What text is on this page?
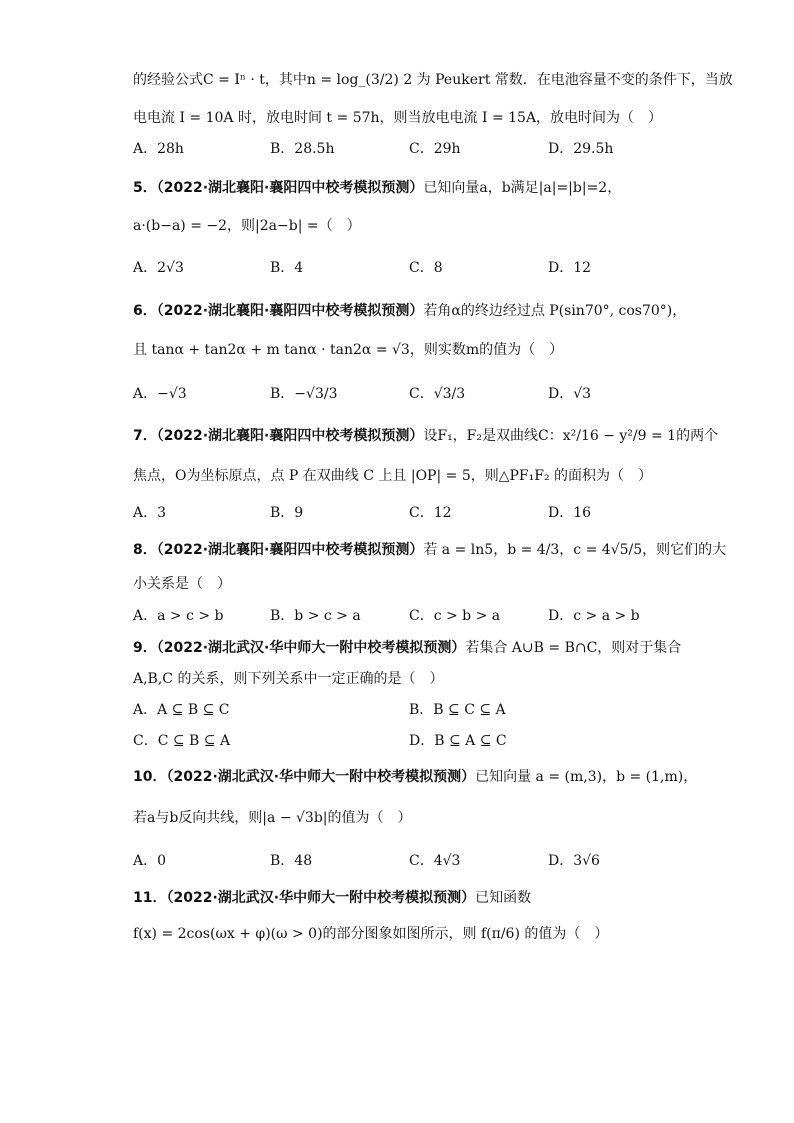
的经验公式C = Iⁿ · t，其中n = log_(3/2) 2 为 Peukert 常数．在电池容量不变的条件下，当放
电电流 I = 10A 时，放电时间 t = 57h，则当放电电流 I = 15A，放电时间为（　）
A．28h	B．28.5h	C．29h	D．29.5h
5．（2022·湖北襄阳·襄阳四中校考模拟预测）已知向量a，b满足|a|=|b|=2，
a·(b−a) = −2，则|2a−b| =（　）
A．2√3	B．4	C．8	D．12
6．（2022·湖北襄阳·襄阳四中校考模拟预测）若角α的终边经过点 P(sin70°, cos70°)，
且 tanα + tan2α + m tanα · tan2α = √3，则实数m的值为（　）
A．−√3	B．−√3/3	C．√3/3	D．√3
7．（2022·湖北襄阳·襄阳四中校考模拟预测）设F₁，F₂是双曲线C：x²/16 − y²/9 = 1的两个
焦点，O为坐标原点，点 P 在双曲线 C 上且 |OP| = 5，则△PF₁F₂ 的面积为（　）
A．3	B．9	C．12	D．16
8．（2022·湖北襄阳·襄阳四中校考模拟预测）若 a = ln5，b = 4/3，c = 4√5/5，则它们的大
小关系是（　）
A．a > c > b	B．b > c > a	C．c > b > a	D．c > a > b
9．（2022·湖北武汉·华中师大一附中校考模拟预测）若集合 A∪B = B∩C，则对于集合
A,B,C 的关系，则下列关系中一定正确的是（　）
A．A ⊆ B ⊆ C	B．B ⊆ C ⊆ A
C．C ⊆ B ⊆ A	D．B ⊆ A ⊆ C
10．（2022·湖北武汉·华中师大一附中校考模拟预测）已知向量 a = (m,3)，b = (1,m)，
若a与b反向共线，则|a − √3b|的值为（　）
A．0	B．48	C．4√3	D．3√6
11．（2022·湖北武汉·华中师大一附中校考模拟预测）已知函数
f(x) = 2cos(ωx + φ)(ω > 0)的部分图象如图所示，则 f(π/6) 的值为（　）
